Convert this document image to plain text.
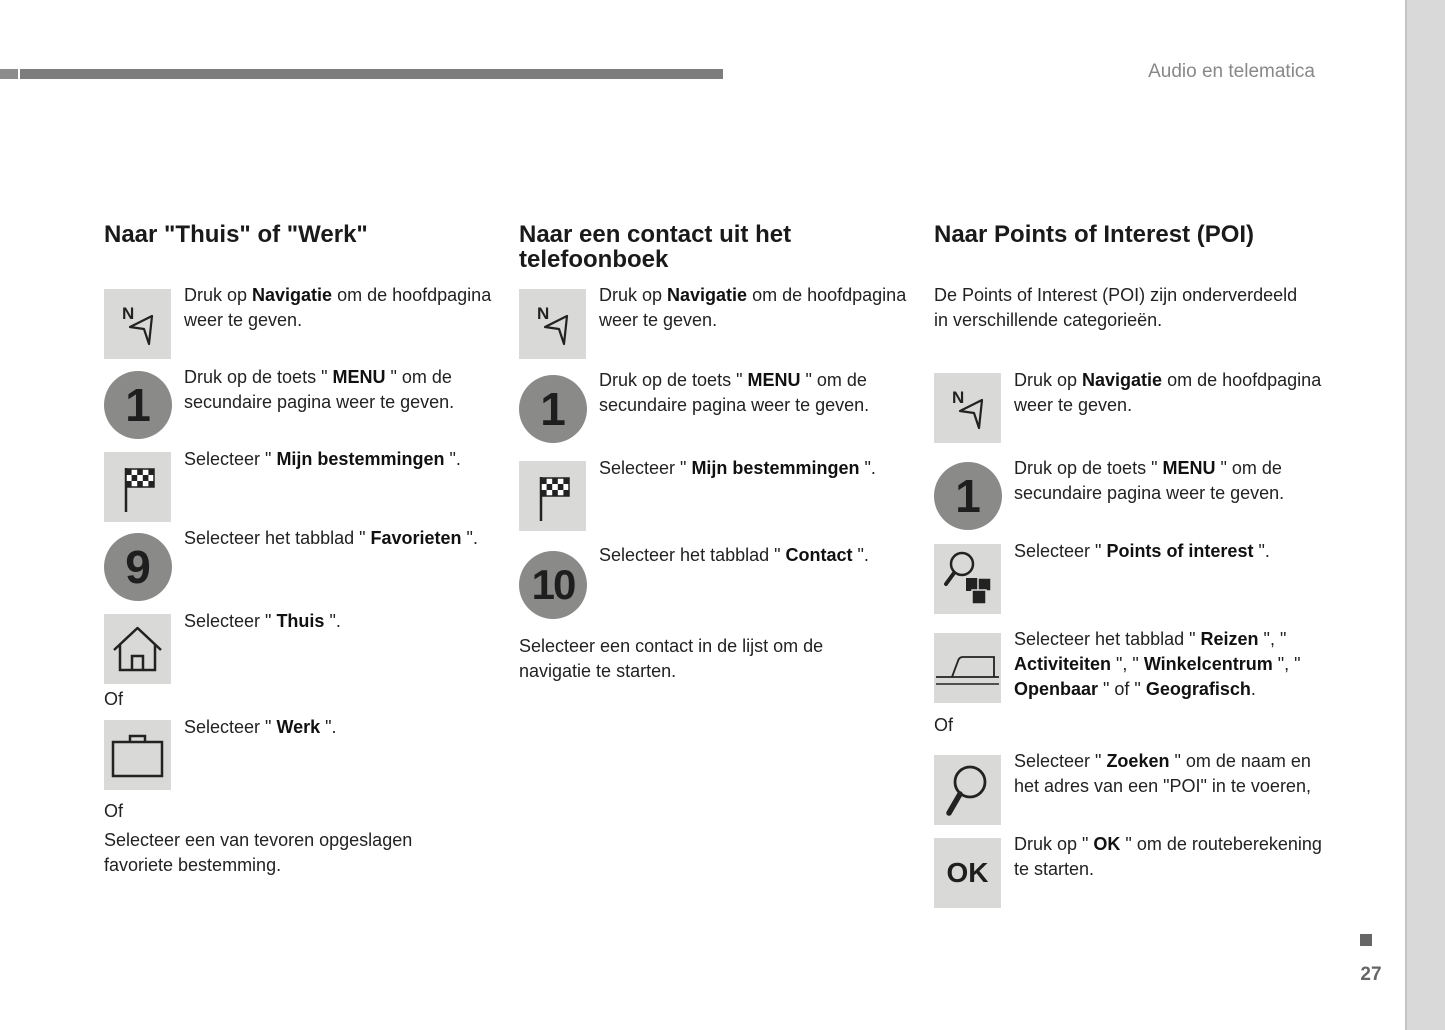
Audio en telematica
27
Naar "Thuis" of "Werk"
N
Druk op Navigatie om de hoofdpagina weer te geven.
1
Druk op de toets " MENU " om de secundaire pagina weer te geven.
Selecteer " Mijn bestemmingen ".
9
Selecteer het tabblad " Favorieten ".
Selecteer " Thuis ".
Of
Selecteer " Werk ".
Of
Selecteer een van tevoren opgeslagen favoriete bestemming.
Naar een contact uit het telefoonboek
N
Druk op Navigatie om de hoofdpagina weer te geven.
1
Druk op de toets " MENU " om de secundaire pagina weer te geven.
Selecteer " Mijn bestemmingen ".
10
Selecteer het tabblad " Contact ".
Selecteer een contact in de lijst om de navigatie te starten.
Naar Points of Interest (POI)
De Points of Interest (POI) zijn onderverdeeld in verschillende categorieën.
N
Druk op Navigatie om de hoofdpagina weer te geven.
1
Druk op de toets " MENU " om de secundaire pagina weer te geven.
Selecteer " Points of interest ".
Selecteer het tabblad " Reizen ", " Activiteiten ", " Winkelcentrum ", " Openbaar " of " Geografisch.
Of
Selecteer " Zoeken " om de naam en het adres van een "POI" in te voeren,
OK
Druk op " OK " om de routeberekening te starten.
